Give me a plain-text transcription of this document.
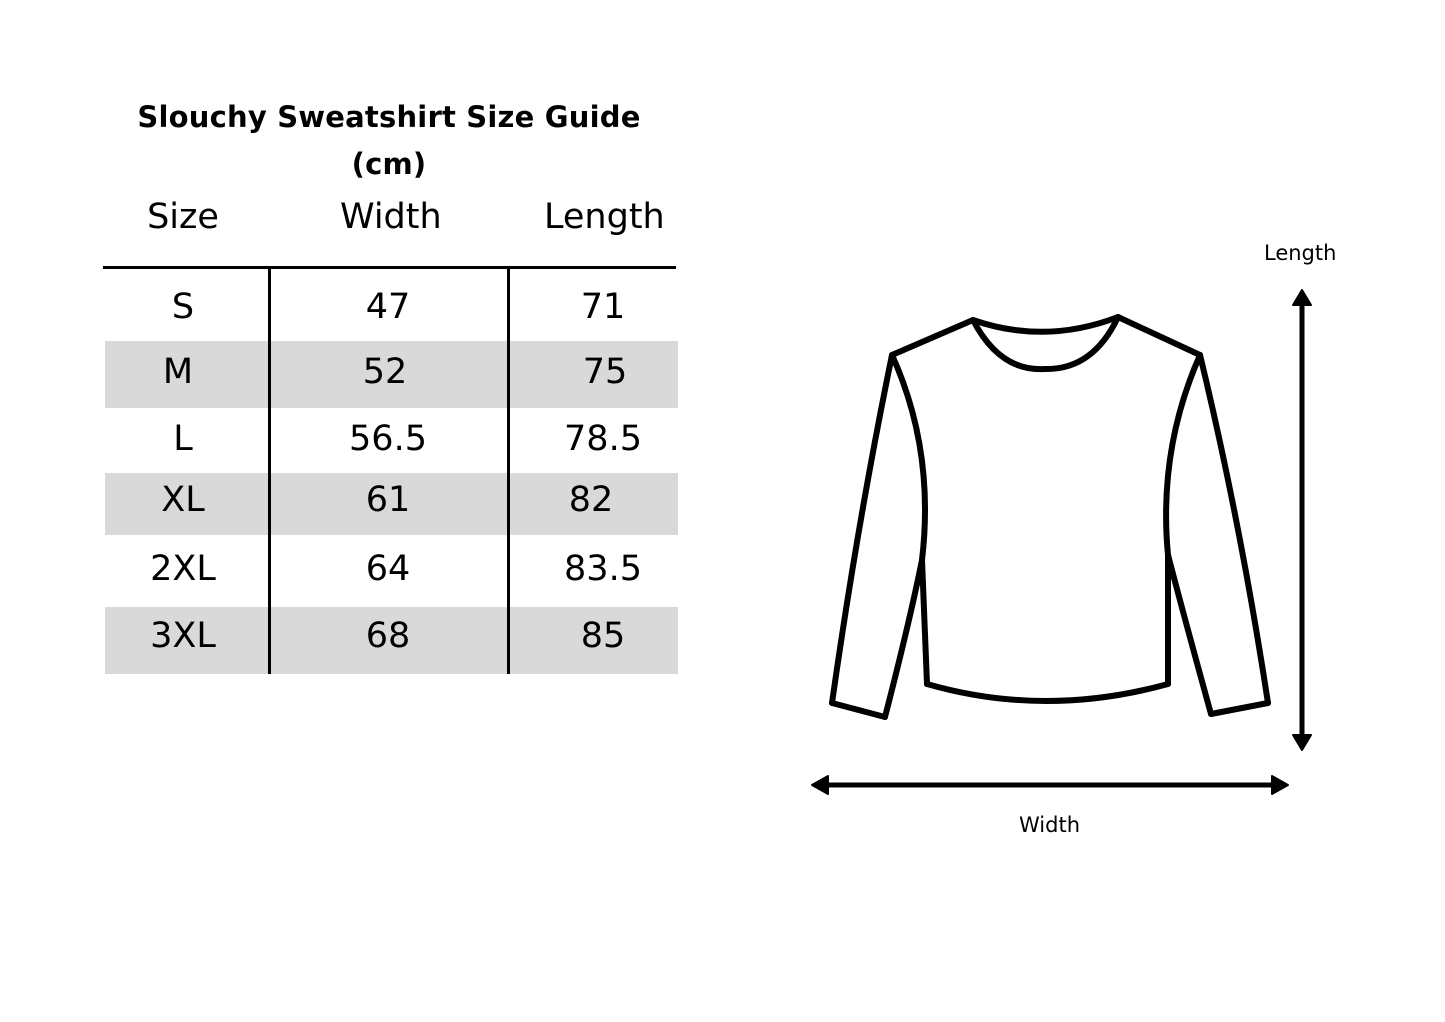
Slouchy Sweatshirt Size Guide
(cm)
Size	Width	Length
S	47	71
M	52	75
L	56.5	78.5
XL	61	82
2XL	64	83.5
3XL	68	85
Length
Width
